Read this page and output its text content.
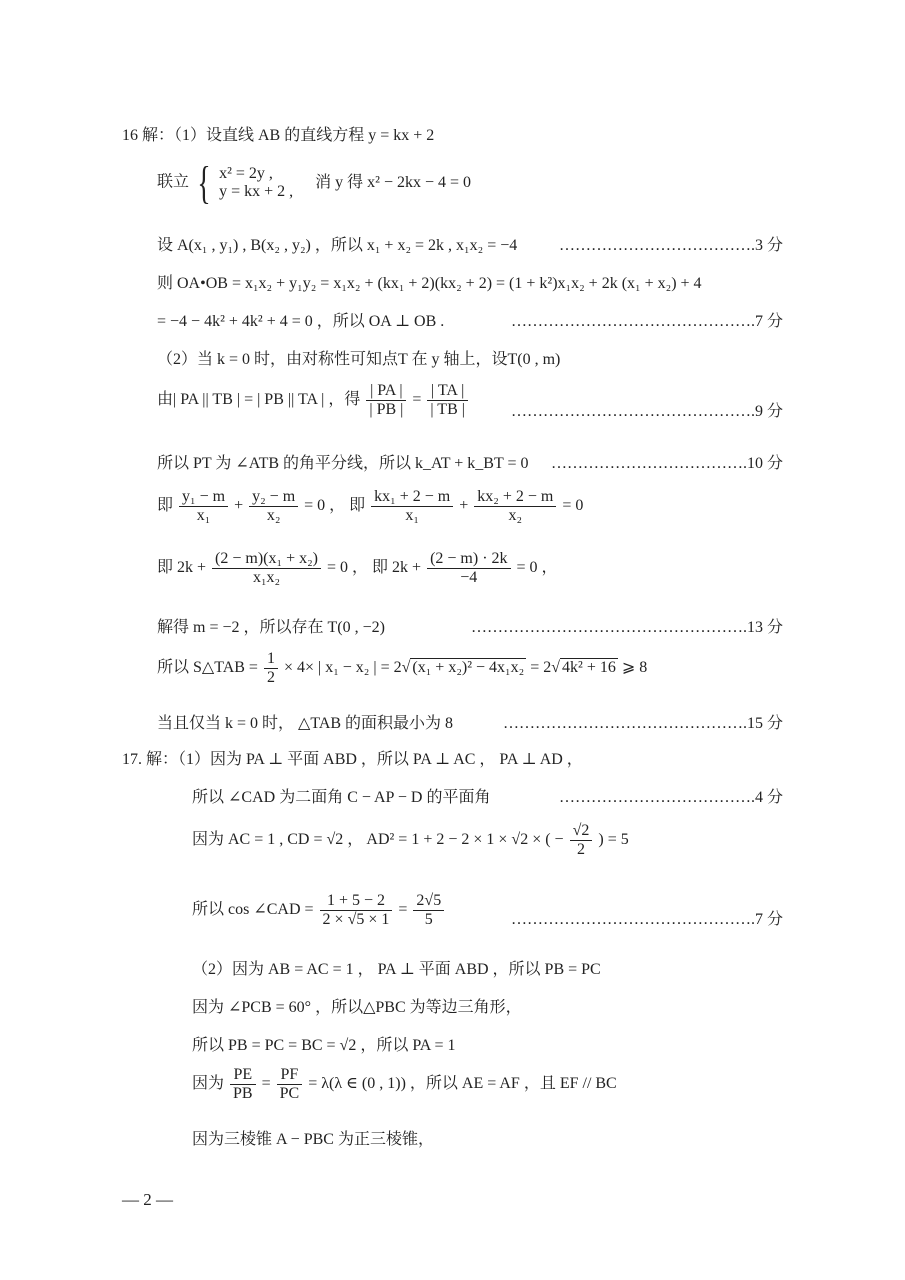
16 解：（1）设直线 AB 的直线方程 y = kx + 2
联立 { x² = 2y ,
y = kx + 2 ,
消 y 得 x² − 2kx − 4 = 0
设 A(x₁ , y₁) , B(x₂ , y₂) ，所以 x₁ + x₂ = 2k , x₁x₂ = −4	……………………………….3 分
则 OA•OB = x₁x₂ + y₁y₂ = x₁x₂ + (kx₁ + 2)(kx₂ + 2) = (1 + k²)x₁x₂ + 2k (x₁ + x₂) + 4
= −4 − 4k² + 4k² + 4 = 0 ，所以 OA ⊥ OB .	……………………………………….7 分
（2）当 k = 0 时，由对称性可知点T 在 y 轴上，设T(0 , m)
由| PA || TB | = | PB || TA | ，得 $\frac{| PA |}{| PB |} = \frac{| TA |}{| TB |}$	……………………………………….9 分
所以 PT 为 ∠ATB 的角平分线，所以 k_AT + k_BT = 0 ……………………………….10 分
即 $\frac{\text{y₁ − m}}{\text{x₁}} + \frac{\text{y₂ − m}}{\text{x₂}} = 0$ ， 即 $\frac{\text{kx₁ + 2 − m}}{\text{x₁}} + \frac{\text{kx₂ + 2 − m}}{\text{x₂}} = 0$
即 $2k + \frac{\text{(2 − m)(x₁ + x₂)}}{\text{x₁x₂}} = 0$ ， 即 $2k + \frac{(2 - m) \cdot 2k}{-4} = 0$ ，
解得 m = −2 ，所以存在 T(0 , −2)	…………………………………………….13 分
所以 S△TAB = $\frac{1}{2} \times 4\times$ | x₁ − x₂ | = 2√ (x₁ + x₂)² − 4x₁x₂ = 2√ 4k² + 16 ⩾ 8
当且仅当 k = 0 时， △TAB 的面积最小为 8	……………………………………….15 分
17. 解：（1）因为 PA ⊥ 平面 ABD ，所以 PA ⊥ AC ， PA ⊥ AD ，
所以 ∠CAD 为二面角 C − AP − D 的平面角	……………………………….4 分
因为 AC = 1 , CD = √2 ， AD² = 1 + 2 − 2 × 1 × √2 × ( − $\frac{√2}{2}$ ) = 5
所以 cos ∠CAD = $\frac{1 + 5 - 2}{2 \times √5 \times 1} = \frac{2√5}{5}$	……………………………………….7 分
（2）因为 AB = AC = 1 ， PA ⊥ 平面 ABD ，所以 PB = PC
因为 ∠PCB = 60° ，所以△PBC 为等边三角形，
所以 PB = PC = BC = √2 ，所以 PA = 1
因为 $\frac{PE}{PB} = \frac{PF}{PC} = \lambda(\lambda$ ∈ (0 , 1)) ，所以 AE = AF ，且 EF // BC
因为三棱锥 A − PBC 为正三棱锥，
— 2 —
